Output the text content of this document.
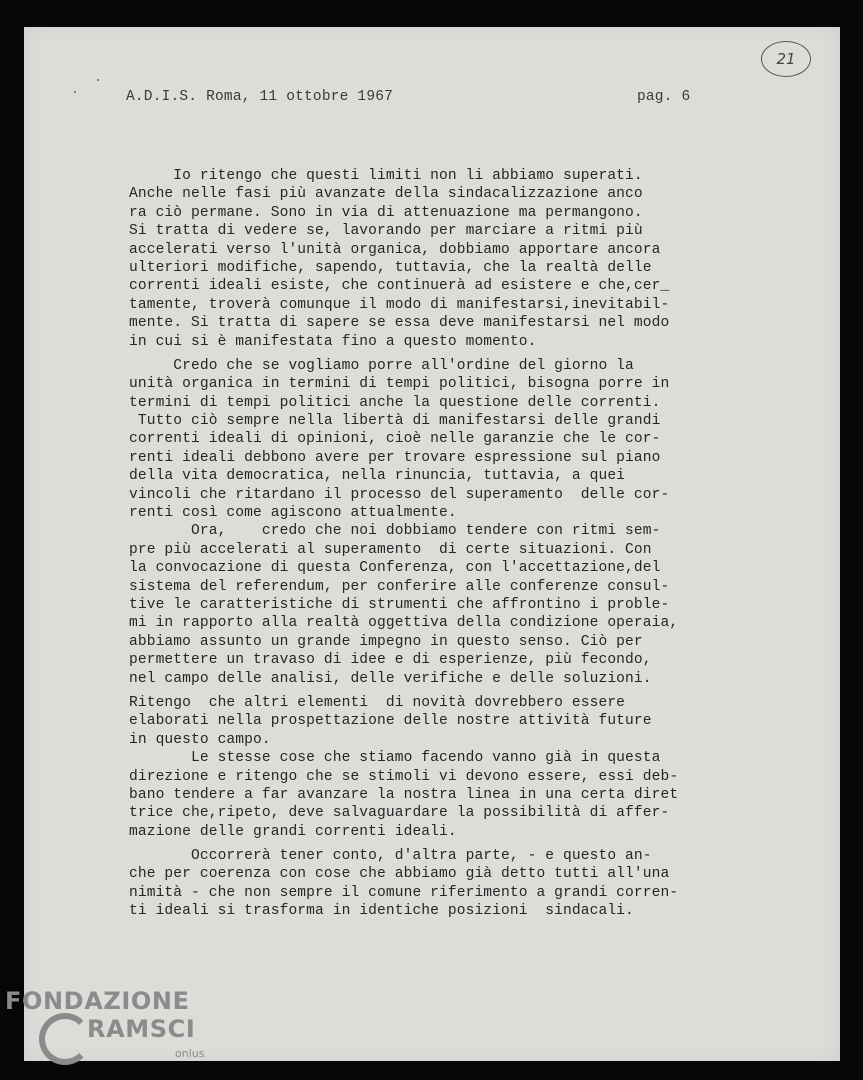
21
A.D.I.S. Roma, 11 ottobre 1967	pag. 6
Io ritengo che questi limiti non li abbiamo superati.
Anche nelle fasi più avanzate della sindacalizzazione anco
ra ciò permane. Sono in via di attenuazione ma permangono.
Si tratta di vedere se, lavorando per marciare a ritmi più
accelerati verso l'unità organica, dobbiamo apportare ancora
ulteriori modifiche, sapendo, tuttavia, che la realtà delle
correnti ideali esiste, che continuerà ad esistere e che,cer_
tamente, troverà comunque il modo di manifestarsi,inevitabil-
mente. Si tratta di sapere se essa deve manifestarsi nel modo
in cui si è manifestata fino a questo momento.
Credo che se vogliamo porre all'ordine del giorno la
unità organica in termini di tempi politici, bisogna porre in
termini di tempi politici anche la questione delle correnti.
Tutto ciò sempre nella libertà di manifestarsi delle grandi
correnti ideali di opinioni, cioè nelle garanzie che le cor-
renti ideali debbono avere per trovare espressione sul piano
della vita democratica, nella rinuncia, tuttavia, a quei
vincoli che ritardano il processo del superamento  delle cor-
renti così come agiscono attualmente.
Ora,    credo che noi dobbiamo tendere con ritmi sem-
pre più accelerati al superamento  di certe situazioni. Con
la convocazione di questa Conferenza, con l'accettazione,del
sistema del referendum, per conferire alle conferenze consul-
tive le caratteristiche di strumenti che affrontino i proble-
mi in rapporto alla realtà oggettiva della condizione operaia,
abbiamo assunto un grande impegno in questo senso. Ciò per
permettere un travaso di idee e di esperienze, più fecondo,
nel campo delle analisi, delle verifiche e delle soluzioni.
Ritengo  che altri elementi  di novità dovrebbero essere
elaborati nella prospettazione delle nostre attività future
in questo campo.
Le stesse cose che stiamo facendo vanno già in questa
direzione e ritengo che se stimoli vi devono essere, essi deb-
bano tendere a far avanzare la nostra linea in una certa diret
trice che,ripeto, deve salvaguardare la possibilità di affer-
mazione delle grandi correnti ideali.
Occorrerà tener conto, d'altra parte, - e questo an-
che per coerenza con cose che abbiamo già detto tutti all'una
nimità - che non sempre il comune riferimento a grandi corren-
ti ideali si trasforma in identiche posizioni  sindacali.
FONDAZIONE
RAMSCI
onlus
